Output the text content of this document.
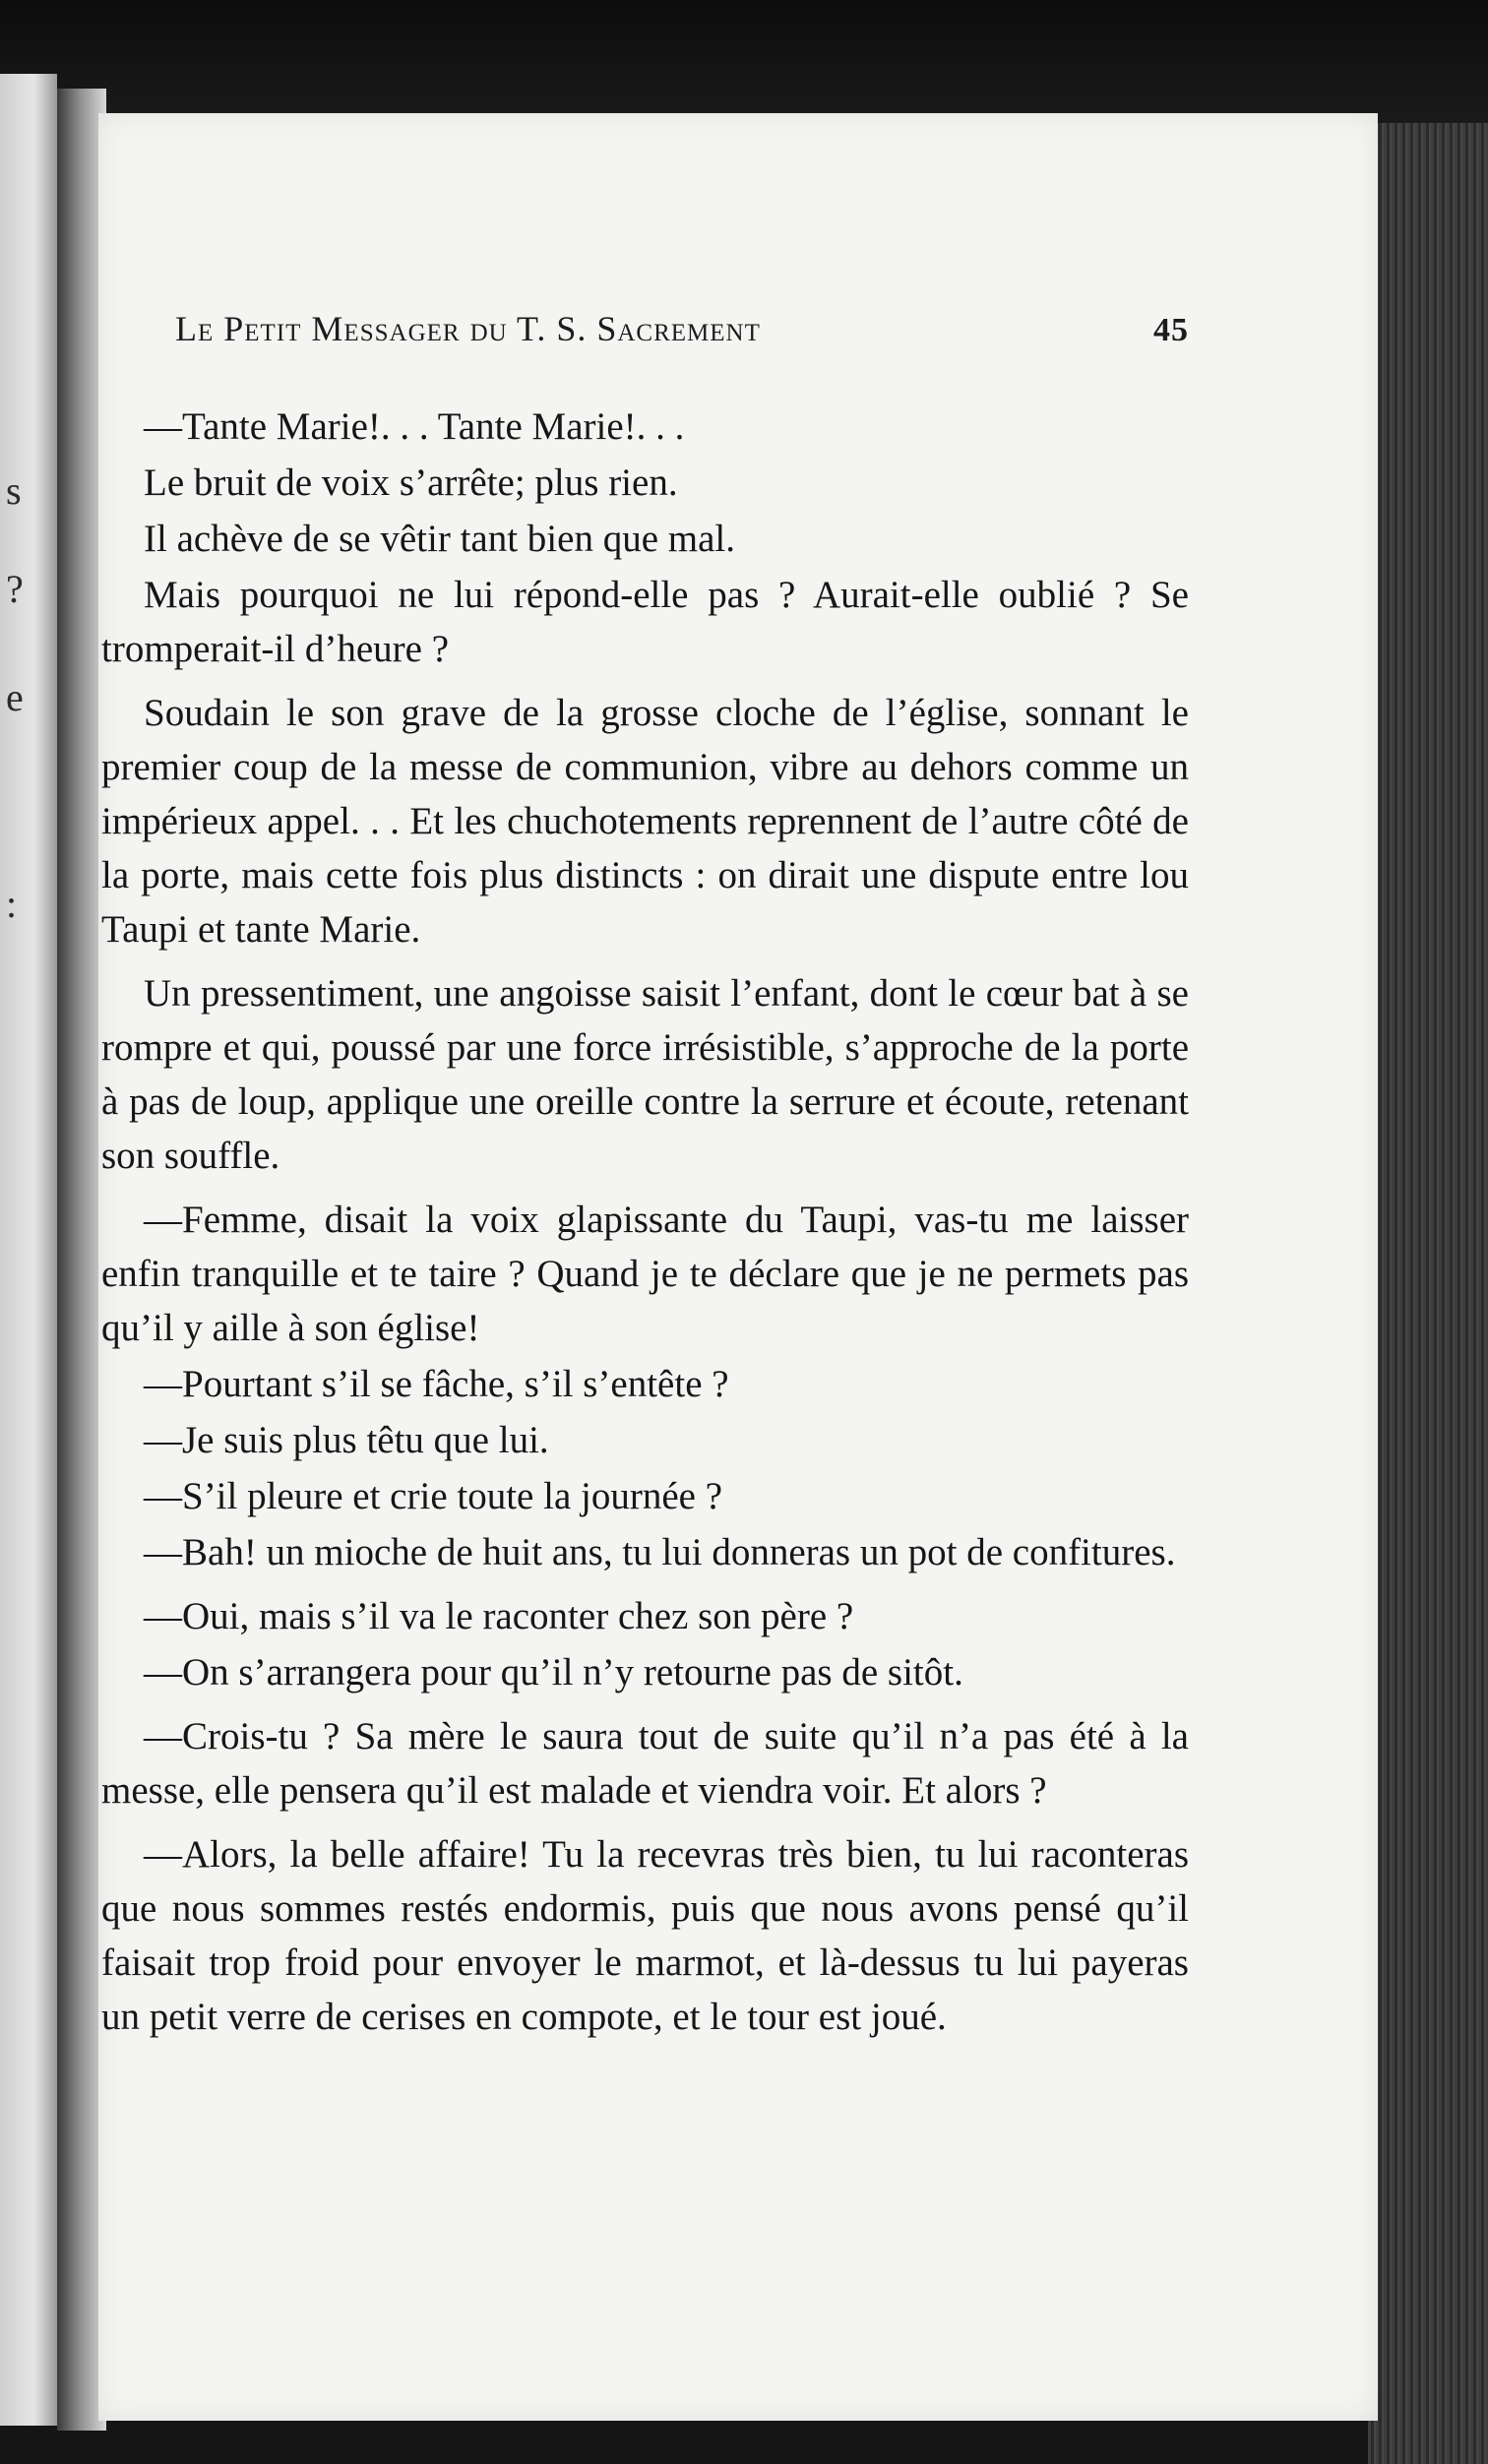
s
?
e
:
Le Petit Messager du T. S. Sacrement	45

—Tante Marie!. . . Tante Marie!. . .

Le bruit de voix s’arrête; plus rien.

Il achève de se vêtir tant bien que mal.

Mais pourquoi ne lui répond-elle pas ? Aurait-elle oublié ? Se tromperait-il d’heure ?

Soudain le son grave de la grosse cloche de l’église, sonnant le premier coup de la messe de communion, vibre au dehors comme un impérieux appel. . . Et les chuchotements reprennent de l’autre côté de la porte, mais cette fois plus distincts : on dirait une dispute entre lou Taupi et tante Marie.

Un pressentiment, une angoisse saisit l’enfant, dont le cœur bat à se rompre et qui, poussé par une force irrésistible, s’approche de la porte à pas de loup, applique une oreille contre la serrure et écoute, retenant son souffle.

—Femme, disait la voix glapissante du Taupi, vas-tu me laisser enfin tranquille et te taire ? Quand je te déclare que je ne permets pas qu’il y aille à son église!

—Pourtant s’il se fâche, s’il s’entête ?

—Je suis plus têtu que lui.

—S’il pleure et crie toute la journée ?

—Bah! un mioche de huit ans, tu lui donneras un pot de confitures.

—Oui, mais s’il va le raconter chez son père ?

—On s’arrangera pour qu’il n’y retourne pas de sitôt.

—Crois-tu ? Sa mère le saura tout de suite qu’il n’a pas été à la messe, elle pensera qu’il est malade et viendra voir. Et alors ?

—Alors, la belle affaire! Tu la recevras très bien, tu lui raconteras que nous sommes restés endormis, puis que nous avons pensé qu’il faisait trop froid pour envoyer le marmot, et là-dessus tu lui payeras un petit verre de cerises en compote, et le tour est joué.
